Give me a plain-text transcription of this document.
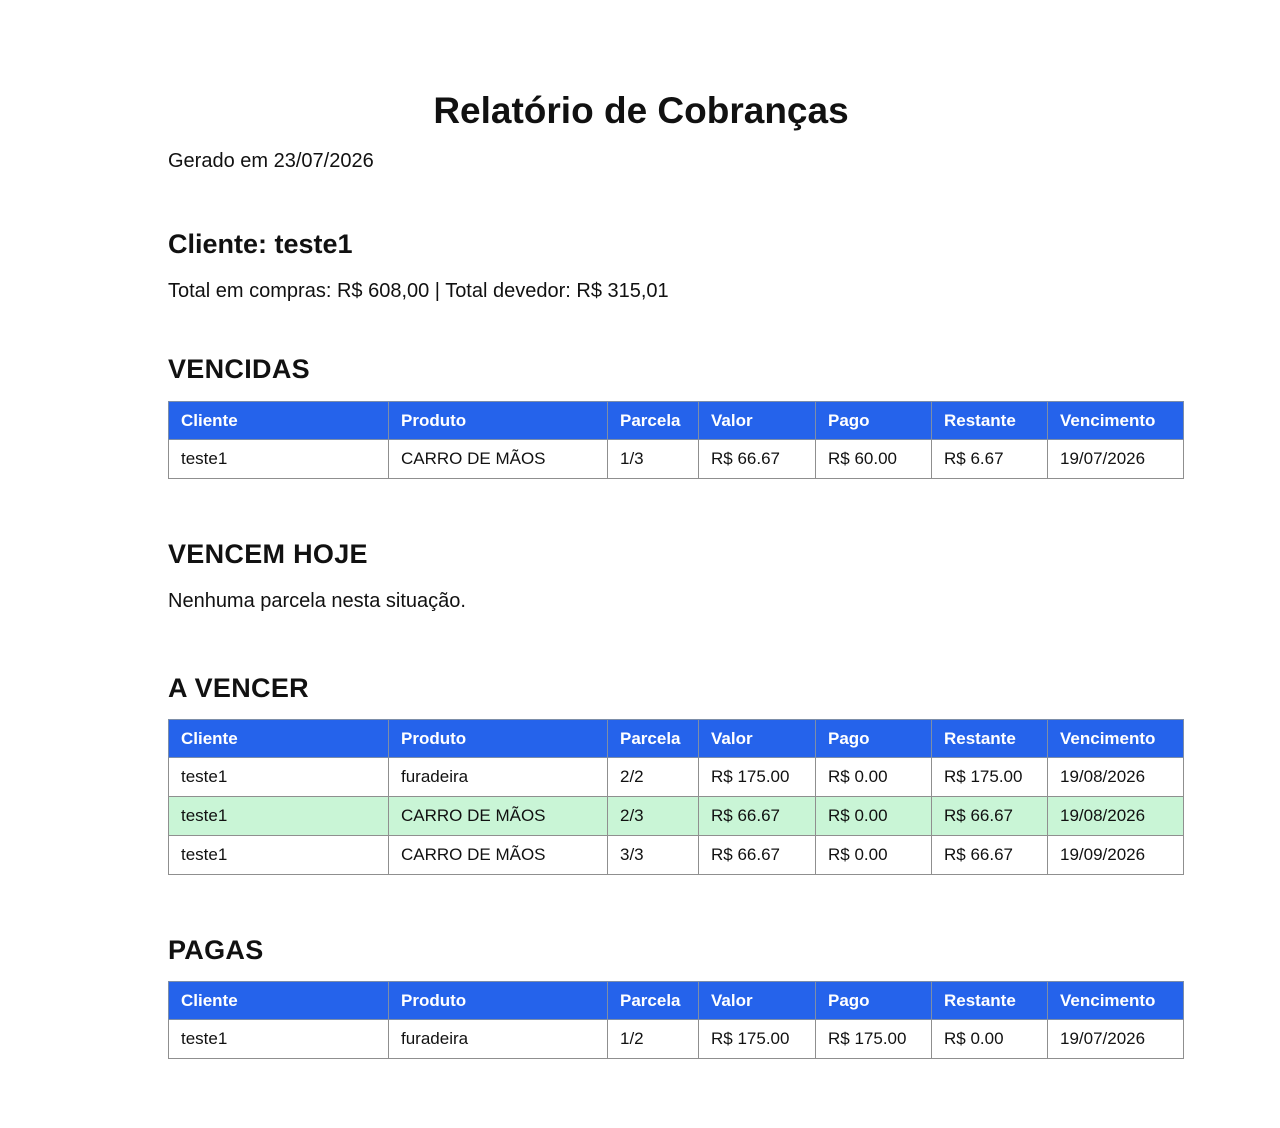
Relatório de Cobranças

Gerado em 23/07/2026

Cliente: teste1

Total em compras: R$ 608,00 | Total devedor: R$ 315,01

VENCIDAS
Cliente	Produto	Parcela	Valor	Pago	Restante	Vencimento
teste1	CARRO DE MÃOS	1/3	R$ 66.67	R$ 60.00	R$ 6.67	19/07/2026
VENCEM HOJE

Nenhuma parcela nesta situação.

A VENCER
Cliente	Produto	Parcela	Valor	Pago	Restante	Vencimento
teste1	furadeira	2/2	R$ 175.00	R$ 0.00	R$ 175.00	19/08/2026
teste1	CARRO DE MÃOS	2/3	R$ 66.67	R$ 0.00	R$ 66.67	19/08/2026
teste1	CARRO DE MÃOS	3/3	R$ 66.67	R$ 0.00	R$ 66.67	19/09/2026
PAGAS
Cliente	Produto	Parcela	Valor	Pago	Restante	Vencimento
teste1	furadeira	1/2	R$ 175.00	R$ 175.00	R$ 0.00	19/07/2026
